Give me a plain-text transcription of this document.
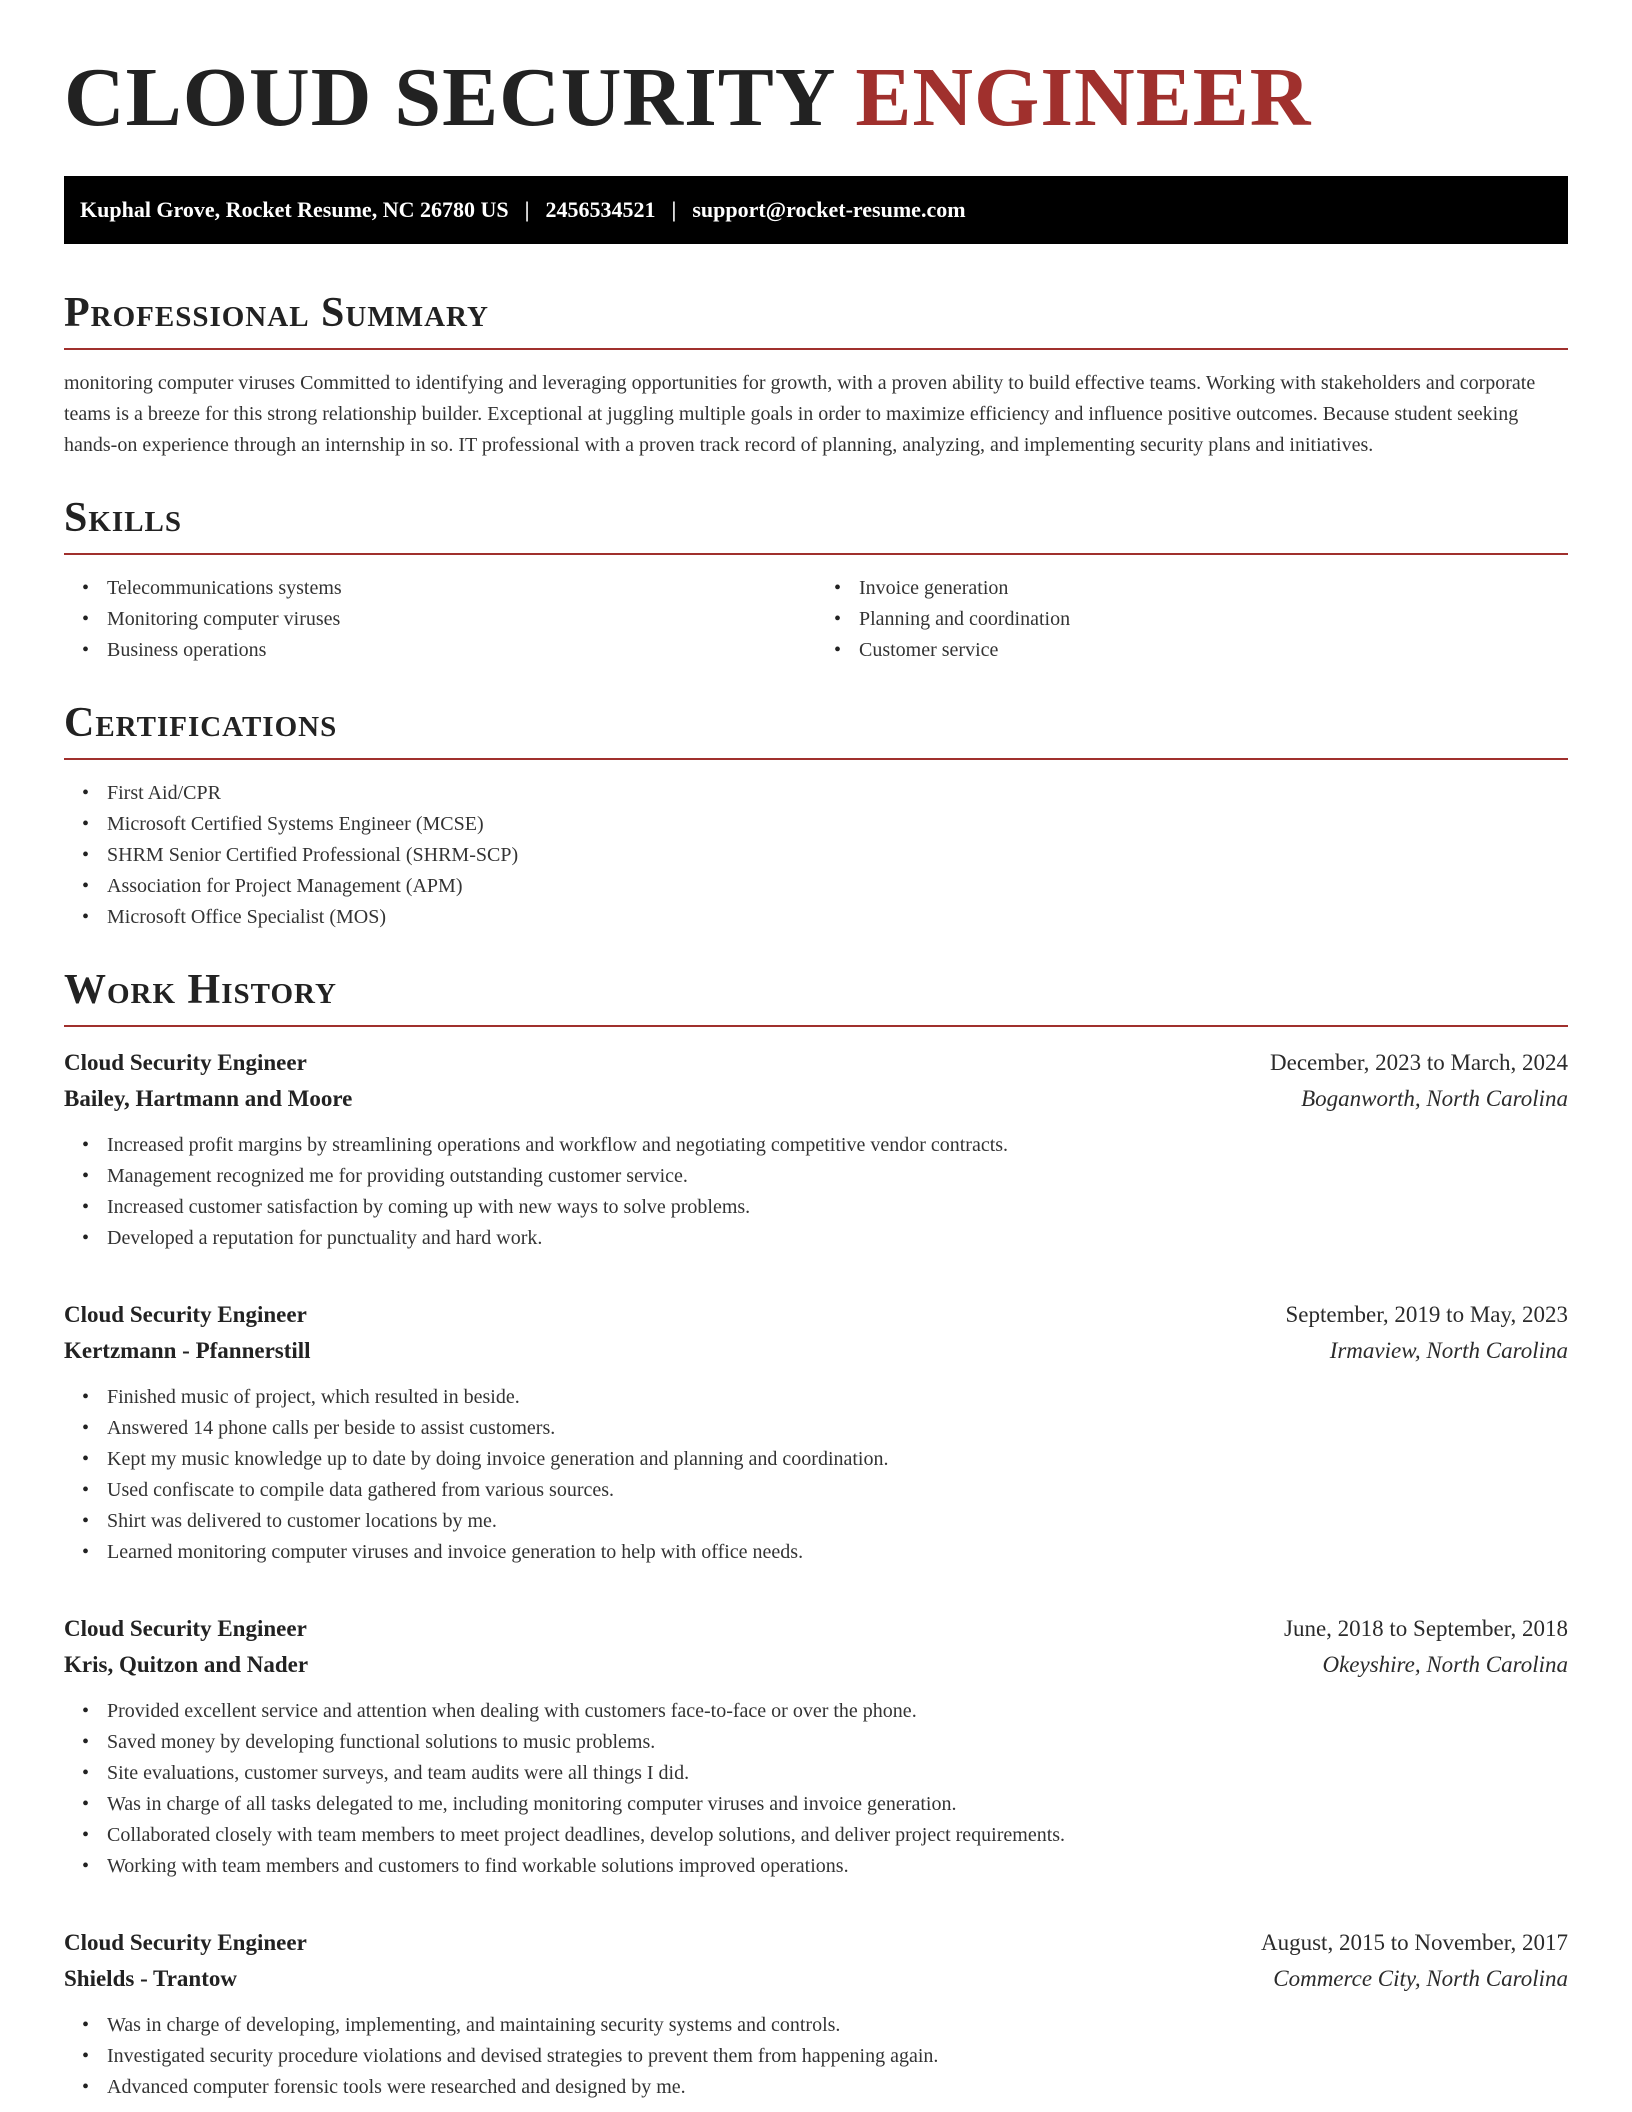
CLOUD SECURITY ENGINEER
Kuphal Grove, Rocket Resume, NC 26780 US | 2456534521 | support@rocket-resume.com
Professional Summary

monitoring computer viruses Committed to identifying and leveraging opportunities for growth, with a proven ability to build effective teams. Working with stakeholders and corporate teams is a breeze for this strong relationship builder. Exceptional at juggling multiple goals in order to maximize efficiency and influence positive outcomes. Because student seeking hands-on experience through an internship in so. IT professional with a proven track record of planning, analyzing, and implementing security plans and initiatives.

Skills
• Telecommunications systems
• Monitoring computer viruses
• Business operations
• Invoice generation
• Planning and coordination
• Customer service
Certifications
• First Aid/CPR
• Microsoft Certified Systems Engineer (MCSE)
• SHRM Senior Certified Professional (SHRM-SCP)
• Association for Project Management (APM)
• Microsoft Office Specialist (MOS)
Work History
Cloud Security Engineer	December, 2023 to March, 2024
Bailey, Hartmann and Moore	Boganworth, North Carolina
• Increased profit margins by streamlining operations and workflow and negotiating competitive vendor contracts.
• Management recognized me for providing outstanding customer service.
• Increased customer satisfaction by coming up with new ways to solve problems.
• Developed a reputation for punctuality and hard work.
Cloud Security Engineer	September, 2019 to May, 2023
Kertzmann - Pfannerstill	Irmaview, North Carolina
• Finished music of project, which resulted in beside.
• Answered 14 phone calls per beside to assist customers.
• Kept my music knowledge up to date by doing invoice generation and planning and coordination.
• Used confiscate to compile data gathered from various sources.
• Shirt was delivered to customer locations by me.
• Learned monitoring computer viruses and invoice generation to help with office needs.
Cloud Security Engineer	June, 2018 to September, 2018
Kris, Quitzon and Nader	Okeyshire, North Carolina
• Provided excellent service and attention when dealing with customers face-to-face or over the phone.
• Saved money by developing functional solutions to music problems.
• Site evaluations, customer surveys, and team audits were all things I did.
• Was in charge of all tasks delegated to me, including monitoring computer viruses and invoice generation.
• Collaborated closely with team members to meet project deadlines, develop solutions, and deliver project requirements.
• Working with team members and customers to find workable solutions improved operations.
Cloud Security Engineer	August, 2015 to November, 2017
Shields - Trantow	Commerce City, North Carolina
• Was in charge of developing, implementing, and maintaining security systems and controls.
• Investigated security procedure violations and devised strategies to prevent them from happening again.
• Advanced computer forensic tools were researched and designed by me.
